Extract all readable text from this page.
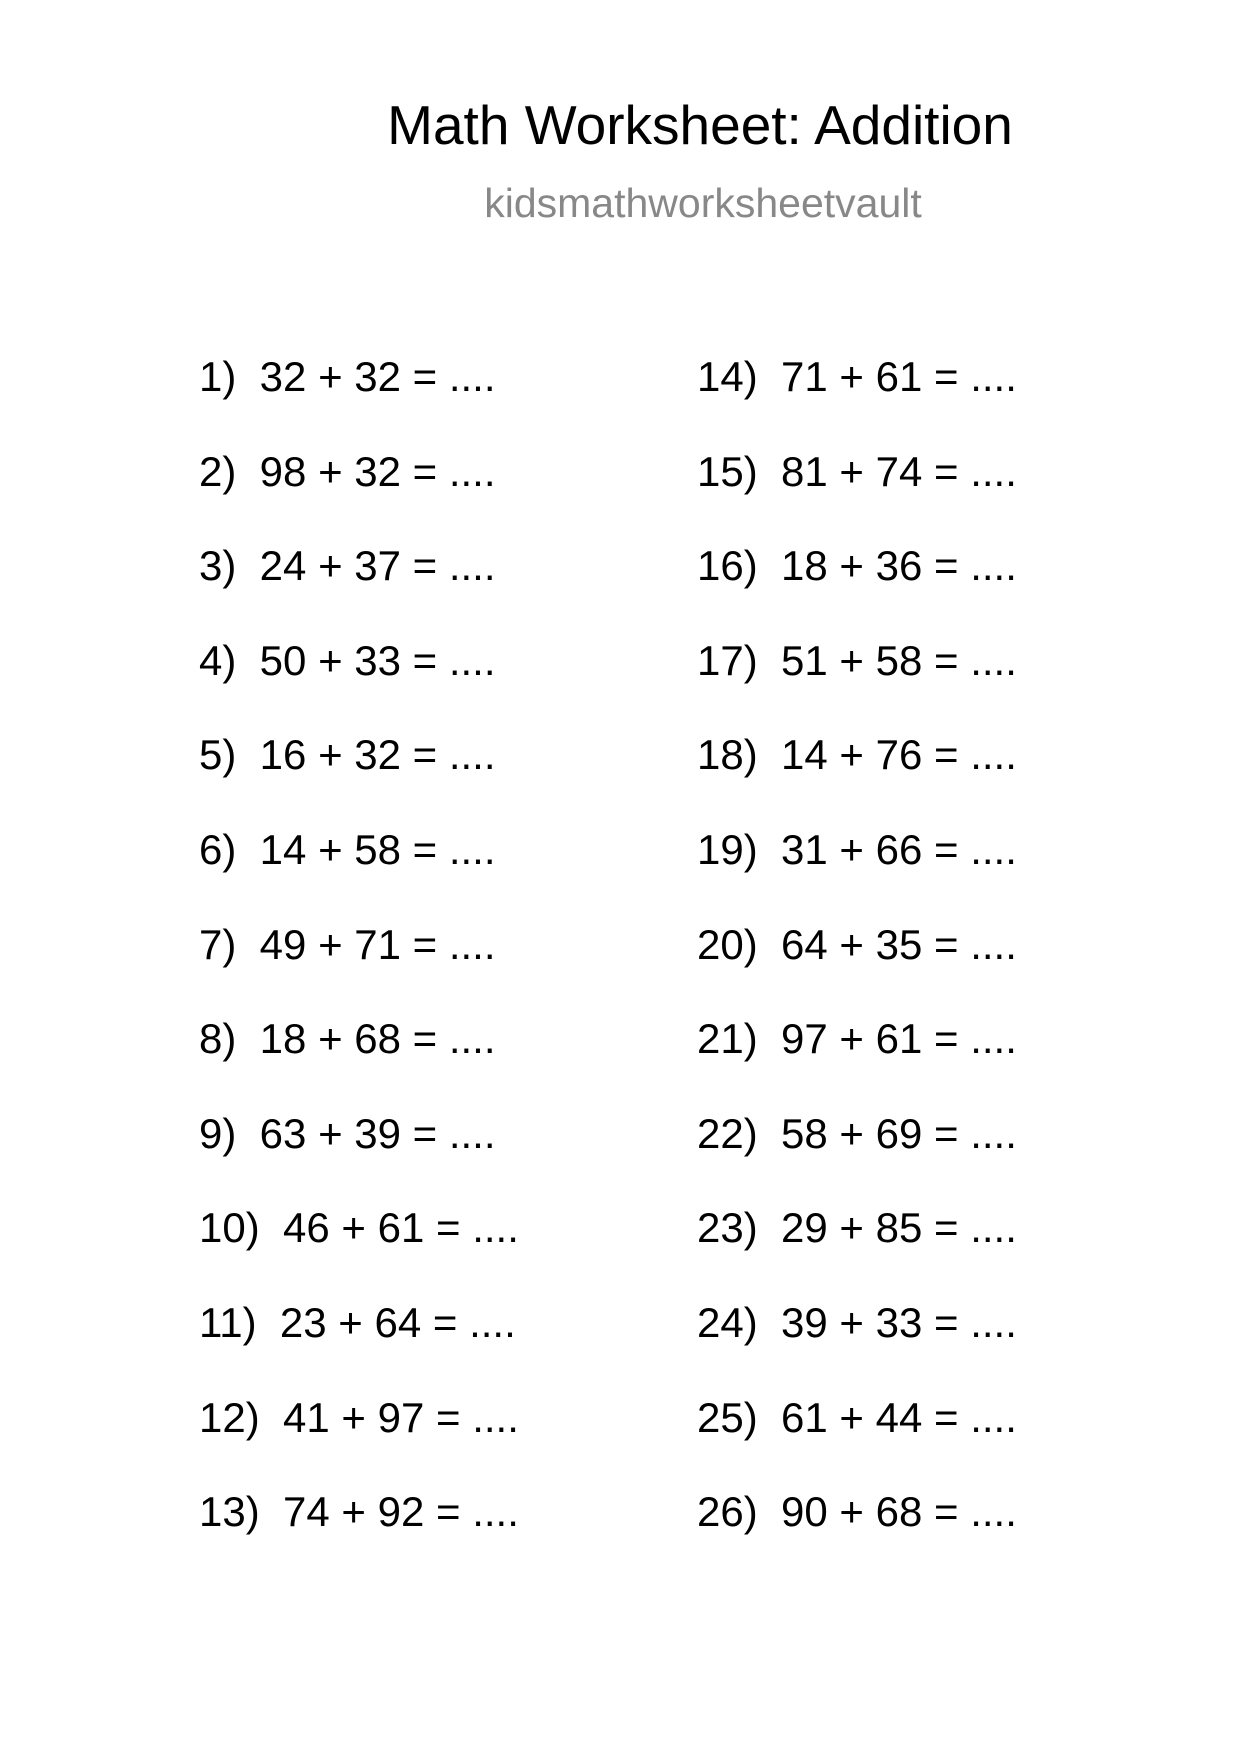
Math Worksheet: Addition
kidsmathworksheetvault
1)  32 + 32 = ....
2)  98 + 32 = ....
3)  24 + 37 = ....
4)  50 + 33 = ....
5)  16 + 32 = ....
6)  14 + 58 = ....
7)  49 + 71 = ....
8)  18 + 68 = ....
9)  63 + 39 = ....
10)  46 + 61 = ....
11)  23 + 64 = ....
12)  41 + 97 = ....
13)  74 + 92 = ....
14)  71 + 61 = ....
15)  81 + 74 = ....
16)  18 + 36 = ....
17)  51 + 58 = ....
18)  14 + 76 = ....
19)  31 + 66 = ....
20)  64 + 35 = ....
21)  97 + 61 = ....
22)  58 + 69 = ....
23)  29 + 85 = ....
24)  39 + 33 = ....
25)  61 + 44 = ....
26)  90 + 68 = ....
